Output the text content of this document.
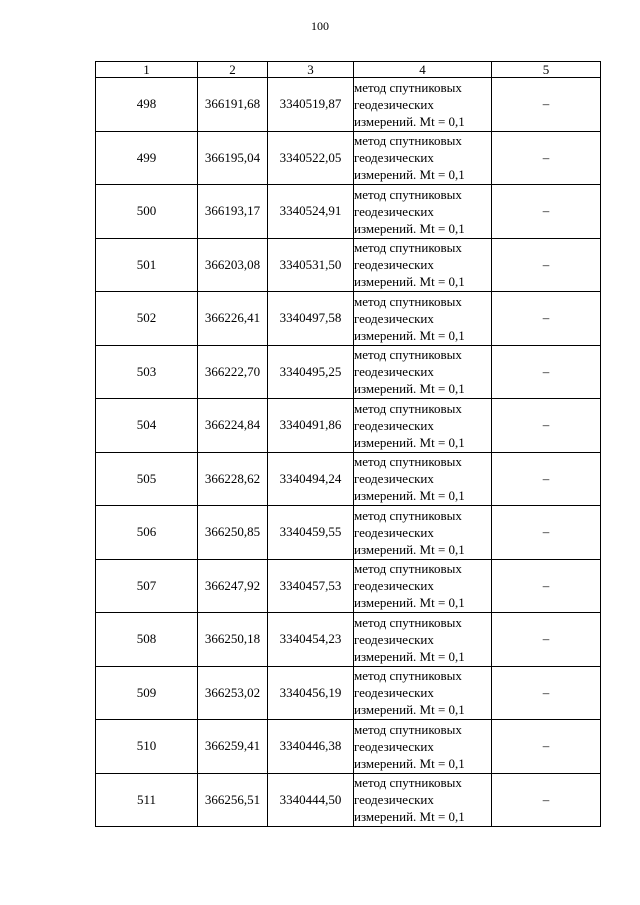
100
1	2	3	4	5
498	366191,68	3340519,87	метод спутниковых
геодезических
измерений. Mt = 0,1	–
499	366195,04	3340522,05	метод спутниковых
геодезических
измерений. Mt = 0,1	–
500	366193,17	3340524,91	метод спутниковых
геодезических
измерений. Mt = 0,1	–
501	366203,08	3340531,50	метод спутниковых
геодезических
измерений. Mt = 0,1	–
502	366226,41	3340497,58	метод спутниковых
геодезических
измерений. Mt = 0,1	–
503	366222,70	3340495,25	метод спутниковых
геодезических
измерений. Mt = 0,1	–
504	366224,84	3340491,86	метод спутниковых
геодезических
измерений. Mt = 0,1	–
505	366228,62	3340494,24	метод спутниковых
геодезических
измерений. Mt = 0,1	–
506	366250,85	3340459,55	метод спутниковых
геодезических
измерений. Mt = 0,1	–
507	366247,92	3340457,53	метод спутниковых
геодезических
измерений. Mt = 0,1	–
508	366250,18	3340454,23	метод спутниковых
геодезических
измерений. Mt = 0,1	–
509	366253,02	3340456,19	метод спутниковых
геодезических
измерений. Mt = 0,1	–
510	366259,41	3340446,38	метод спутниковых
геодезических
измерений. Mt = 0,1	–
511	366256,51	3340444,50	метод спутниковых
геодезических
измерений. Mt = 0,1	–
